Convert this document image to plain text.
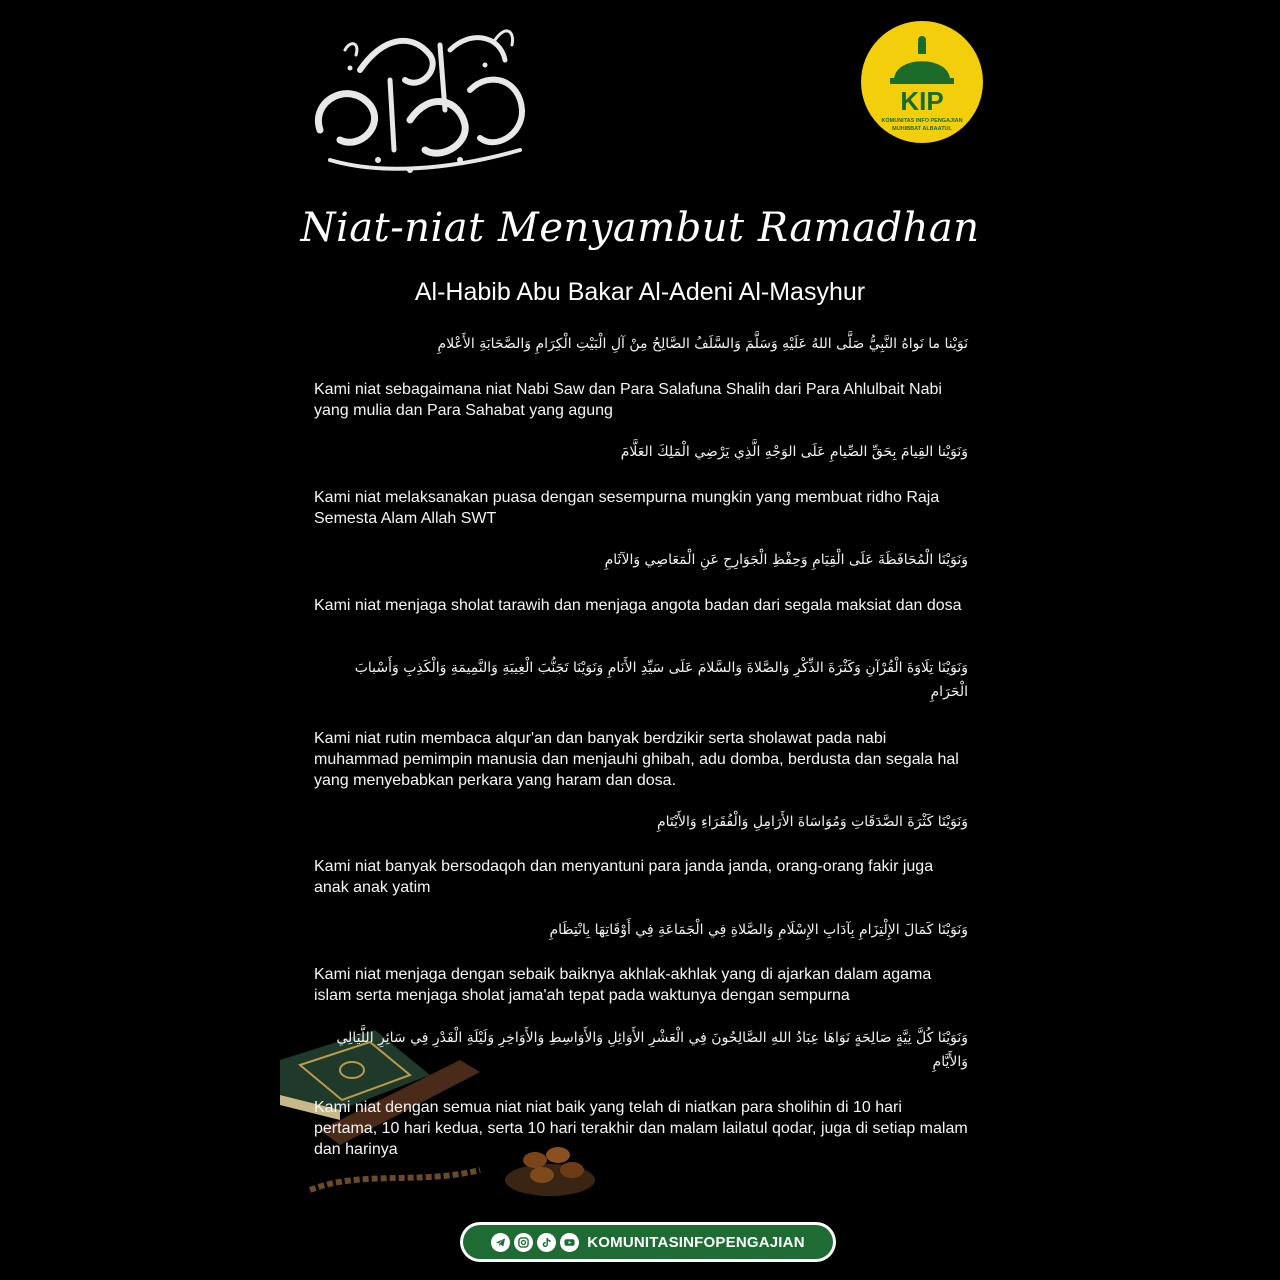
KIP
KOMUNITAS INFO PENGAJIAN
MUHIBBAT ALBAATUL
Niat-niat Menyambut Ramadhan
Al-Habib Abu Bakar Al-Adeni Al-Masyhur
نَوَيْنا ما نَواهُ النَّبِيُّ صَلَّى اللهُ عَلَيْهِ وَسَلَّمَ وَالسَّلَفُ الصَّالِحُ مِنْ آلِ الْبَيْتِ الْكِرَامِ وَالصَّحَابَةِ الأَعْلامِ
Kami niat sebagaimana niat Nabi Saw dan Para Salafuna Shalih dari Para Ahlulbait Nabi yang mulia dan Para Sahabat yang agung
وَنَوَيْنا القِيامَ بِحَقِّ الصِّيامِ عَلَى الوَجْهِ الَّذِي يَرْضِي الْمَلِكَ العَلَّامَ
Kami niat melaksanakan puasa dengan sesempurna mungkin yang membuat ridho Raja Semesta Alam Allah SWT
وَنَوَيْنَا الْمُحَافَظَةَ عَلَى الْقِيَامِ وَحِفْظِ الْجَوَارِحِ عَنِ الْمَعَاصِي وَالآثَامِ
Kami niat menjaga sholat tarawih dan menjaga angota badan dari segala maksiat dan dosa
وَنَوَيْنَا تِلَاوَةَ الْقُرْآنِ وَكَثْرَةَ الذِّكْرِ وَالصَّلاةَ وَالسَّلامَ عَلَى سَيِّدِ الأَنَامِ وَنَوَيْنَا تَجَنُّبَ الْغِيبَةِ وَالنَّمِيمَةِ وَالْكَذِبِ وَأَسْبابَ الْحَرَامِ
Kami niat rutin membaca alqur'an dan banyak berdzikir serta sholawat pada nabi muhammad pemimpin manusia dan menjauhi ghibah, adu domba, berdusta dan segala hal yang menyebabkan perkara yang haram dan dosa.
وَنَوَيْنَا كَثْرَةَ الصَّدَقَاتِ وَمُوَاسَاةَ الأَرَامِلِ وَالْفُقَرَاءِ وَالأَيْتَامِ
Kami niat banyak bersodaqoh dan menyantuni para janda janda, orang-orang fakir juga anak anak yatim
وَنَوَيْنَا كَمَالَ الإِلْتِزَامِ بِآدَابِ الإِسْلَامِ وَالصَّلاةِ فِي الْجَمَاعَةِ فِي أَوْقَاتِهَا بِانْتِظَامِ
Kami niat menjaga dengan sebaik baiknya akhlak-akhlak yang di ajarkan dalam agama islam serta menjaga sholat jama'ah tepat pada waktunya dengan sempurna
وَنَوَيْنَا كُلَّ نِيَّةٍ صَالِحَةٍ نَوَاهَا عِبَادُ اللهِ الصَّالِحُونَ فِي الْعَشْرِ الأَوَائِلِ وَالأَوَاسِطِ وَالأَوَاخِرِ وَلَيْلَةِ الْقَدْرِ فِي سَائِرِ اللَّيَالِي وَالأَيَّامِ
Kami niat dengan semua niat niat baik yang telah di niatkan para sholihin di 10 hari pertama, 10 hari kedua, serta 10 hari terakhir dan malam lailatul qodar, juga di setiap malam dan harinya
KOMUNITASINFOPENGAJIAN
